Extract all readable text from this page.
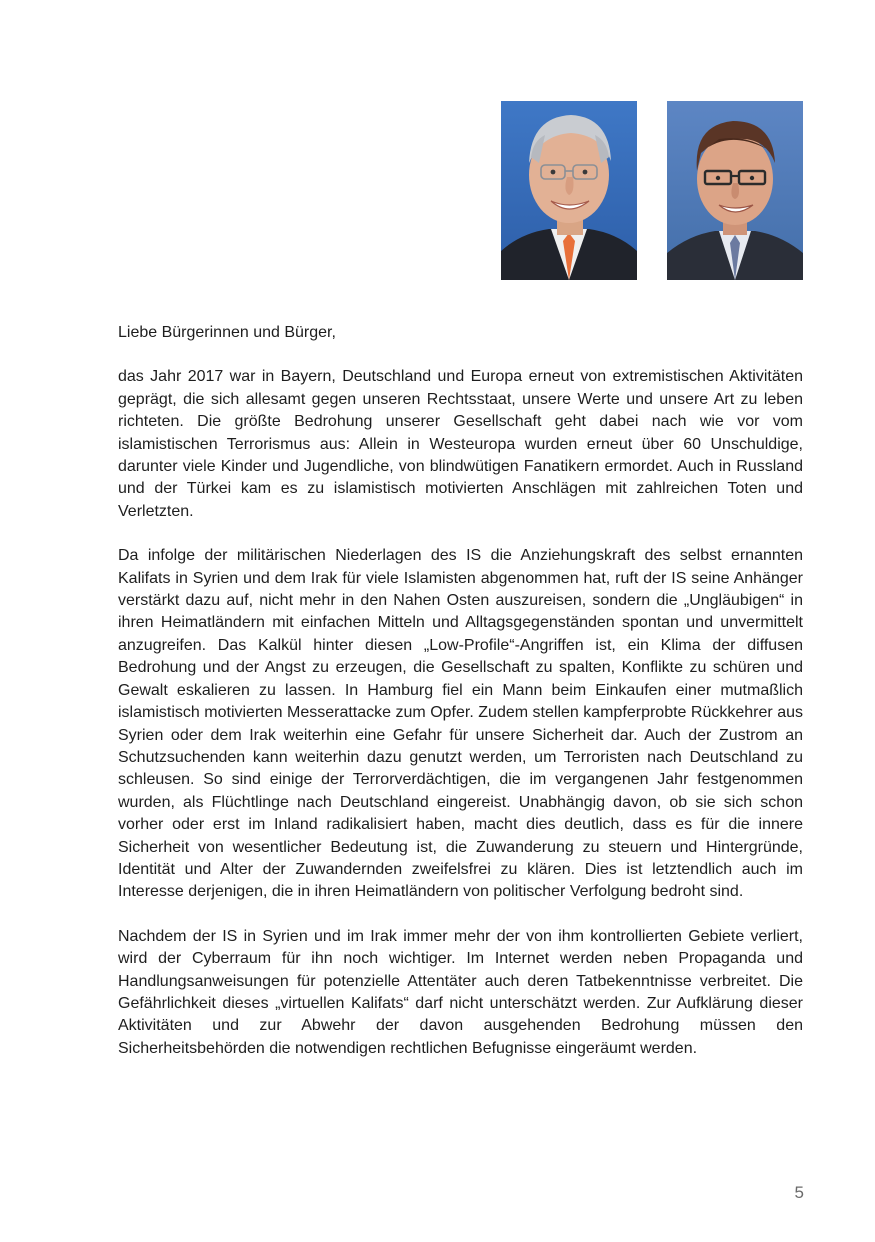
Liebe Bürgerinnen und Bürger,

das Jahr 2017 war in Bayern, Deutschland und Europa erneut von extremistischen Aktivitäten geprägt, die sich allesamt gegen unseren Rechtsstaat, unsere Werte und unsere Art zu leben richteten. Die größte Bedrohung unserer Gesellschaft geht dabei nach wie vor vom islamistischen Terrorismus aus: Allein in Westeuropa wurden erneut über 60 Unschuldige, darunter viele Kinder und Jugendliche, von blindwütigen Fanatikern ermordet. Auch in Russland und der Türkei kam es zu islamistisch motivierten Anschlägen mit zahlreichen Toten und Verletzten.

Da infolge der militärischen Niederlagen des IS die Anziehungskraft des selbst ernannten Kalifats in Syrien und dem Irak für viele Islamisten abgenommen hat, ruft der IS seine Anhänger verstärkt dazu auf, nicht mehr in den Nahen Osten auszureisen, sondern die „Ungläubigen“ in ihren Heimatländern mit einfachen Mitteln und Alltagsgegenständen spontan und unvermittelt anzugreifen. Das Kalkül hinter diesen „Low-Profile“-Angriffen ist, ein Klima der diffusen Bedrohung und der Angst zu erzeugen, die Gesellschaft zu spalten, Konflikte zu schüren und Gewalt eskalieren zu lassen. In Hamburg fiel ein Mann beim Einkaufen einer mutmaßlich islamistisch motivierten Messerattacke zum Opfer. Zudem stellen kampferprobte Rückkehrer aus Syrien oder dem Irak weiterhin eine Gefahr für unsere Sicherheit dar. Auch der Zustrom an Schutzsuchenden kann weiterhin dazu genutzt werden, um Terroristen nach Deutschland zu schleusen. So sind einige der Terrorverdächtigen, die im vergangenen Jahr festgenommen wurden, als Flüchtlinge nach Deutschland eingereist. Unabhängig davon, ob sie sich schon vorher oder erst im Inland radikalisiert haben, macht dies deutlich, dass es für die innere Sicherheit von wesentlicher Bedeutung ist, die Zuwanderung zu steuern und Hintergründe, Identität und Alter der Zuwandernden zweifelsfrei zu klären. Dies ist letztendlich auch im Interesse derjenigen, die in ihren Heimatländern von politischer Verfolgung bedroht sind.

Nachdem der IS in Syrien und im Irak immer mehr der von ihm kontrollierten Gebiete verliert, wird der Cyberraum für ihn noch wichtiger. Im Internet werden neben Propaganda und Handlungsanweisungen für potenzielle Attentäter auch deren Tatbekenntnisse verbreitet. Die Gefährlichkeit dieses „virtuellen Kalifats“ darf nicht unterschätzt werden. Zur Aufklärung dieser Aktivitäten und zur Abwehr der davon ausgehenden Bedrohung müssen den Sicherheitsbehörden die notwendigen rechtlichen Befugnisse eingeräumt werden.

5
